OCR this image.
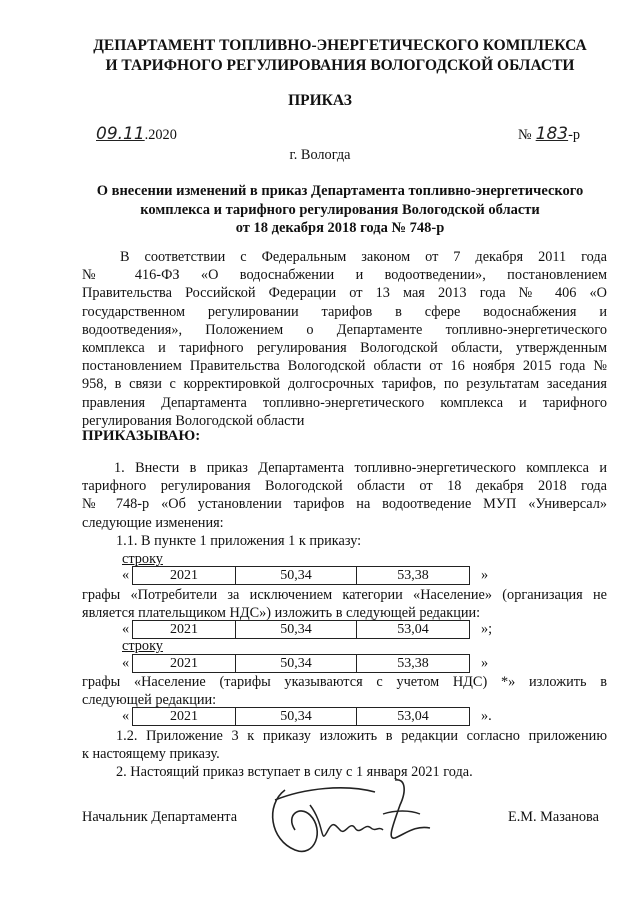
ДЕПАРТАМЕНТ ТОПЛИВНО-ЭНЕРГЕТИЧЕСКОГО КОМПЛЕКСА
И ТАРИФНОГО РЕГУЛИРОВАНИЯ ВОЛОГОДСКОЙ ОБЛАСТИ
ПРИКАЗ
09.11.2020	№ 183-р
г. Вологда
О внесении изменений в приказ Департамента топливно-энергетического
комплекса и тарифного регулирования Вологодской области
от 18 декабря 2018 года № 748-р
В соответствии с Федеральным законом от 7 декабря 2011 года
№ 416-ФЗ «О водоснабжении и водоотведении», постановлением
Правительства Российской Федерации от 13 мая 2013 года № 406 «О
государственном регулировании тарифов в сфере водоснабжения и
водоотведения», Положением о Департаменте топливно-энергетического
комплекса и тарифного регулирования Вологодской области, утвержденным
постановлением Правительства Вологодской области от 16 ноября 2015 года №
958, в связи с корректировкой долгосрочных тарифов, по результатам заседания
правления Департамента топливно-энергетического комплекса и тарифного
регулирования Вологодской области
ПРИКАЗЫВАЮ:
1. Внести в приказ Департамента топливно-энергетического комплекса и
тарифного регулирования Вологодской области от 18 декабря 2018 года
№ 748-р «Об установлении тарифов на водоотведение МУП «Универсал»
следующие изменения:
1.1. В пункте 1 приложения 1 к приказу:
строку
«	2021	50,34	53,38	»
графы «Потребители за исключением категории «Население» (организация не
является плательщиком НДС») изложить в следующей редакции:
«	2021	50,34	53,04	»;
строку
«	2021	50,34	53,38	»
графы «Население (тарифы указываются с учетом НДС) *» изложить в
следующей редакции:
«	2021	50,34	53,04	».
1.2. Приложение 3 к приказу изложить в редакции согласно приложению
к настоящему приказу.
2. Настоящий приказ вступает в силу с 1 января 2021 года.
Начальник Департамента	Е.М. Мазанова
